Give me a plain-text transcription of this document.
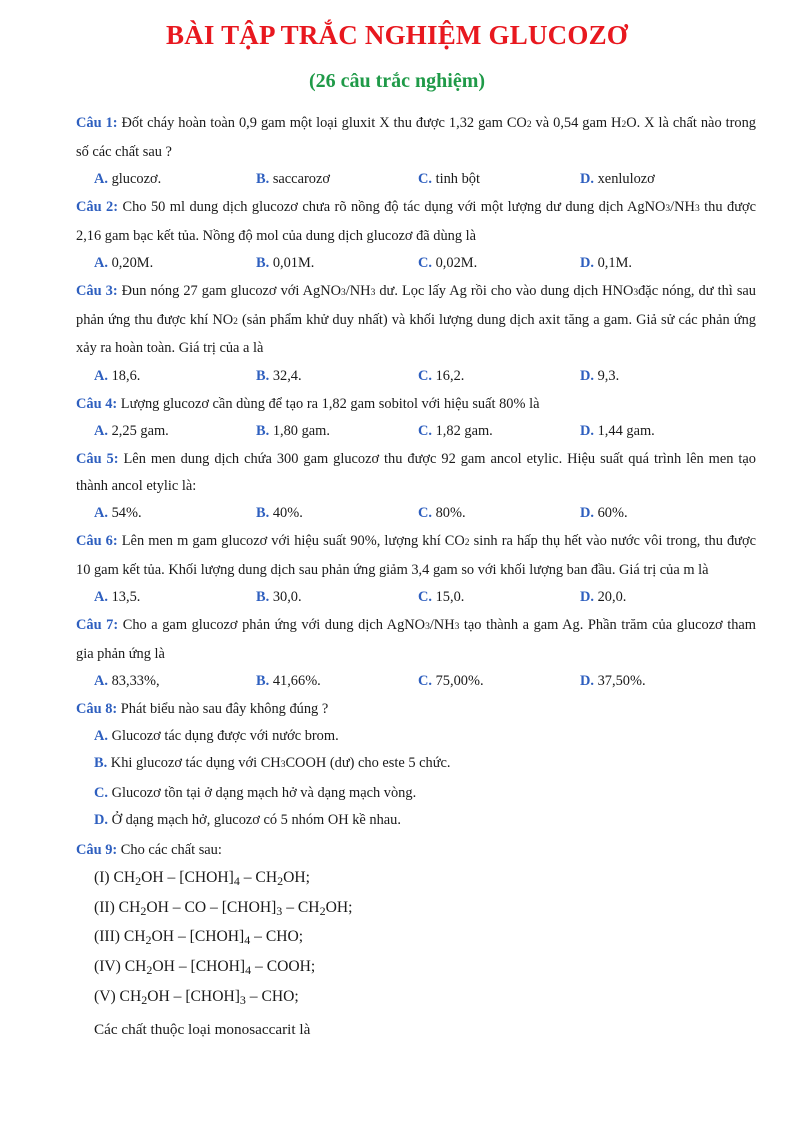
BÀI TẬP TRẮC NGHIỆM GLUCOZƠ
(26 câu trắc nghiệm)

Câu 1: Đốt cháy hoàn toàn 0,9 gam một loại gluxit X thu được 1,32 gam CO2 và 0,54 gam H2O. X là chất nào trong số các chất sau ?

A. glucozơ.	B. saccarozơ	C. tinh bột	D. xenlulozơ

Câu 2: Cho 50 ml dung dịch glucozơ chưa rõ nồng độ tác dụng với một lượng dư dung dịch AgNO3/NH3 thu được 2,16 gam bạc kết tủa. Nồng độ mol của dung dịch glucozơ đã dùng là

A. 0,20M.	B. 0,01M.	C. 0,02M.	D. 0,1M.

Câu 3: Đun nóng 27 gam glucozơ với AgNO3/NH3 dư. Lọc lấy Ag rồi cho vào dung dịch HNO3đặc nóng, dư thì sau phản ứng thu được khí NO2 (sản phẩm khử duy nhất) và khối lượng dung dịch axit tăng a gam. Giả sử các phản ứng xảy ra hoàn toàn. Giá trị của a là

A. 18,6.	B. 32,4.	C. 16,2.	D. 9,3.

Câu 4: Lượng glucozơ cần dùng để tạo ra 1,82 gam sobitol với hiệu suất 80% là

A. 2,25 gam.	B. 1,80 gam.	C. 1,82 gam.	D. 1,44 gam.

Câu 5: Lên men dung dịch chứa 300 gam glucozơ thu được 92 gam ancol etylic. Hiệu suất quá trình lên men tạo thành ancol etylic là:

A. 54%.	B. 40%.	C. 80%.	D. 60%.

Câu 6: Lên men m gam glucozơ với hiệu suất 90%, lượng khí CO2 sinh ra hấp thụ hết vào nước vôi trong, thu được 10 gam kết tủa. Khối lượng dung dịch sau phản ứng giảm 3,4 gam so với khối lượng ban đầu. Giá trị của m là

A. 13,5.	B. 30,0.	C. 15,0.	D. 20,0.

Câu 7: Cho a gam glucozơ phản ứng với dung dịch AgNO3/NH3 tạo thành a gam Ag. Phần trăm của glucozơ tham gia phản ứng là

A. 83,33%,	B. 41,66%.	C. 75,00%.	D. 37,50%.

Câu 8: Phát biểu nào sau đây không đúng ?

A. Glucozơ tác dụng được với nước brom.
B. Khi glucozơ tác dụng với CH3COOH (dư) cho este 5 chức.
C. Glucozơ tồn tại ở dạng mạch hở và dạng mạch vòng.
D. Ở dạng mạch hở, glucozơ có 5 nhóm OH kề nhau.

Câu 9: Cho các chất sau:

(I) CH2OH – [CHOH]4 – CH2OH;
(II) CH2OH – CO – [CHOH]3 – CH2OH;
(III) CH2OH – [CHOH]4 – CHO;
(IV) CH2OH – [CHOH]4 – COOH;
(V) CH2OH – [CHOH]3 – CHO;
Các chất thuộc loại monosaccarit là
